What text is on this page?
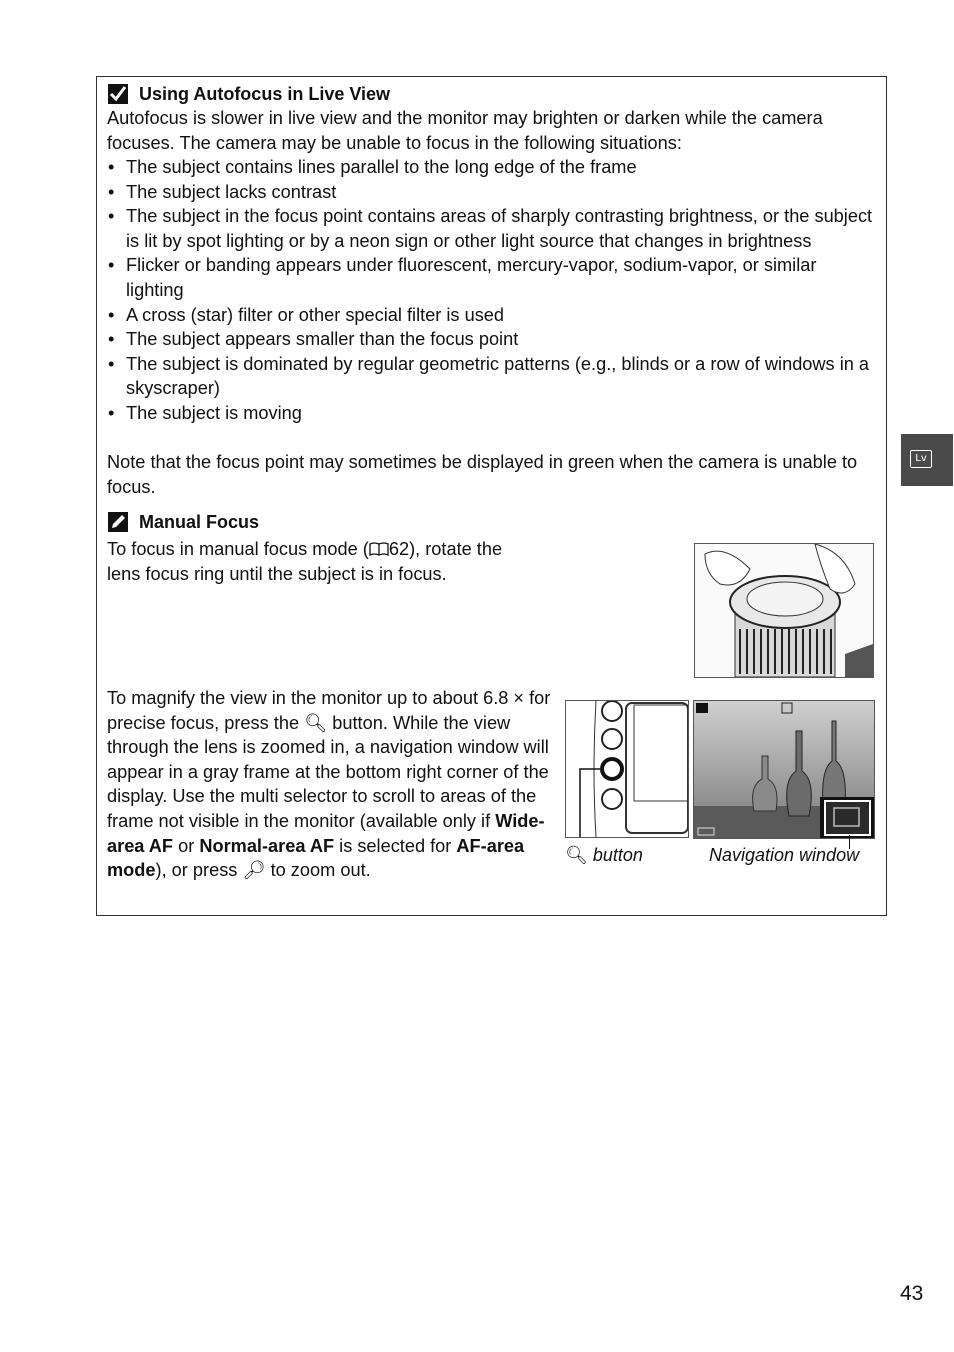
Lv
Using Autofocus in Live View
Autofocus is slower in live view and the monitor may brighten or darken while the camera focuses. The camera may be unable to focus in the following situations:
• The subject contains lines parallel to the long edge of the frame
• The subject lacks contrast
• The subject in the focus point contains areas of sharply contrasting brightness, or the subject is lit by spot lighting or by a neon sign or other light source that changes in brightness
• Flicker or banding appears under fluorescent, mercury-vapor, sodium-vapor, or similar lighting
• A cross (star) filter or other special filter is used
• The subject appears smaller than the focus point
• The subject is dominated by regular geometric patterns (e.g., blinds or a row of windows in a skyscraper)
• The subject is moving
Note that the focus point may sometimes be displayed in green when the camera is unable to focus.
Manual Focus
To focus in manual focus mode ( 62), rotate the lens focus ring until the subject is in focus.
To magnify the view in the monitor up to about 6.8 × for precise focus, press the 🔍︎ button. While the view through the lens is zoomed in, a navigation window will appear in a gray frame at the bottom right corner of the display. Use the multi selector to scroll to areas of the frame not visible in the monitor (available only if Wide-area AF or Normal-area AF is selected for AF-area mode), or press 🔎︎ to zoom out.
🔍︎ button	Navigation window
43
